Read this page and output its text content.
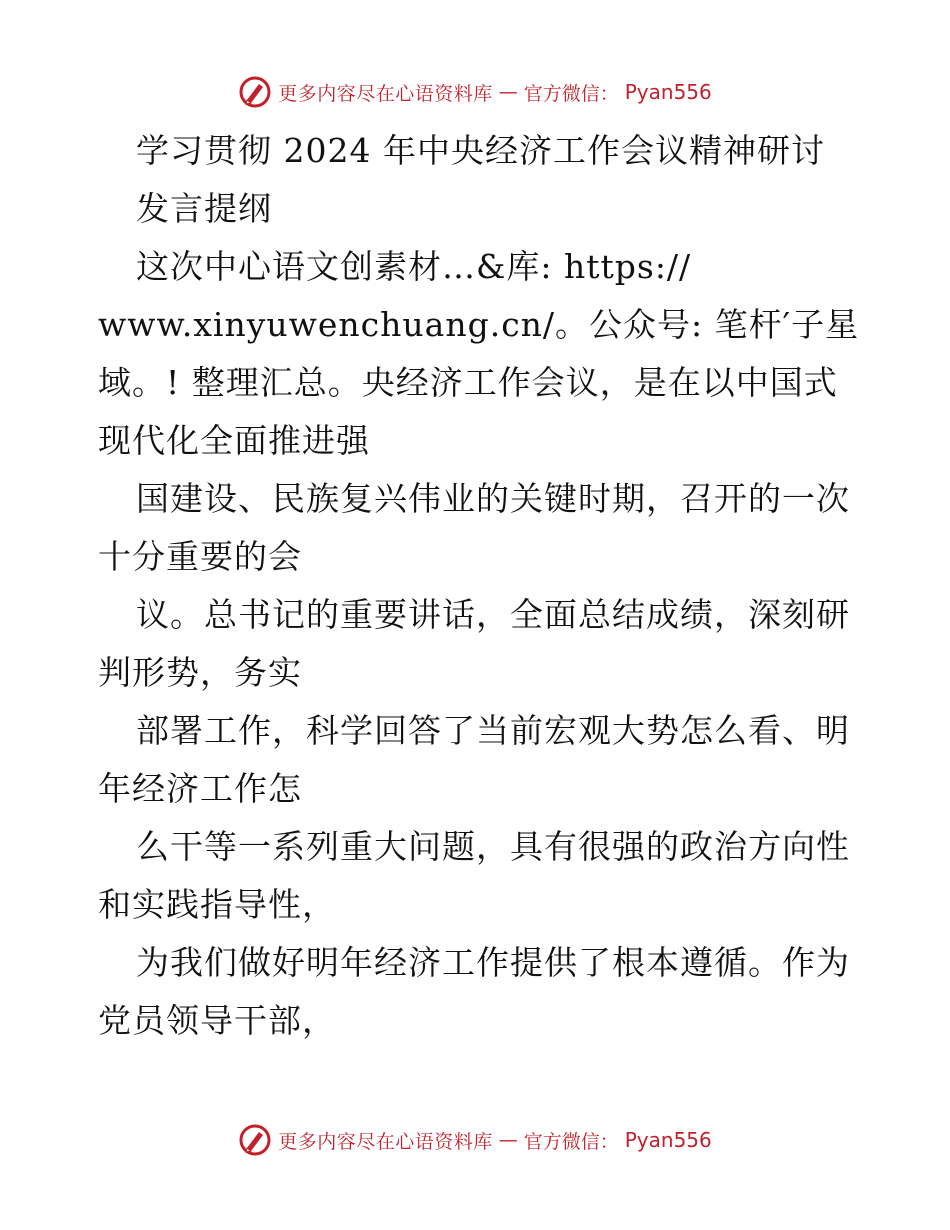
更多内容尽在心语资料库 — 官方微信： Pyan556
学习贯彻 2024 年中央经济工作会议精神研讨
发言提纲
这次中心语文创素材…&库: https://
www.xinyuwenchuang.cn/。公众号: 笔杆′子星
域。! 整理汇总。央经济工作会议，是在以中国式
现代化全面推进强
国建设、民族复兴伟业的关键时期，召开的一次
十分重要的会
议。总书记的重要讲话，全面总结成绩，深刻研
判形势，务实
部署工作，科学回答了当前宏观大势怎么看、明
年经济工作怎
么干等一系列重大问题，具有很强的政治方向性
和实践指导性，
为我们做好明年经济工作提供了根本遵循。作为
党员领导干部，
更多内容尽在心语资料库 — 官方微信： Pyan556
